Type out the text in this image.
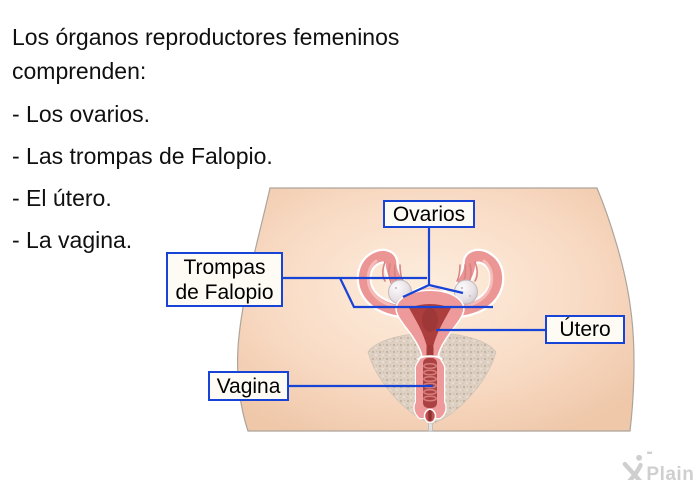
Los órganos reproductores femeninos comprenden:

- Los ovarios.

- Las trompas de Falopio.

- El útero.

- La vagina.

Ovarios
Trompas de Falopio
Útero
Vagina
-Plain
